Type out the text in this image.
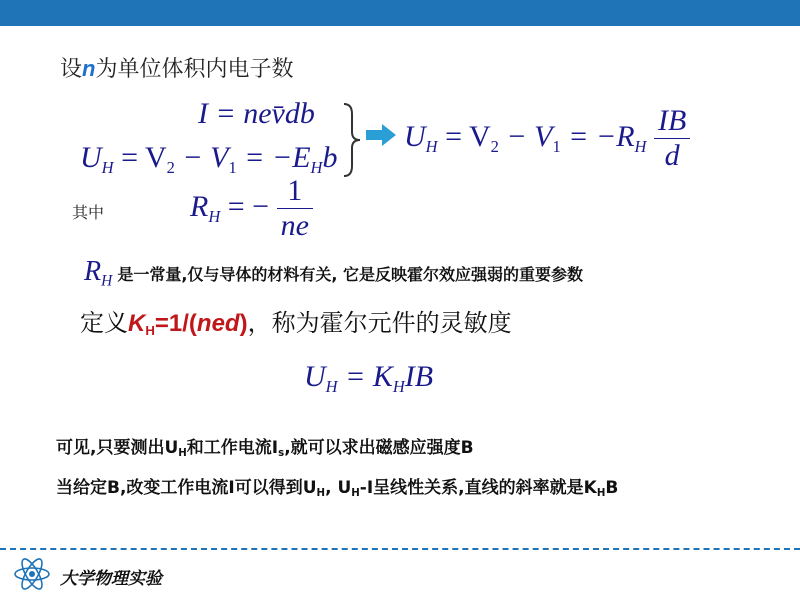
设n为单位体积内电子数
I = nev̄db
$U_H = V_2 - V_1 = -E_Hb$
$U_H = V_2 - V_1 = -R_H \frac{IB}{d}$
其中	$R_H$ = − $\frac{1}{ne}$
$R_H$ 是一常量,仅与导体的材料有关, 它是反映霍尔效应强弱的重要参数
定义$K_H=1/(ned)$，称为霍尔元件的灵敏度
$U_H = K_HIB$
可见,只要测出$U_H$和工作电流$I_s$,就可以求出磁感应强度B
当给定B,改变工作电流I可以得到$U_H$, $U_H-I$呈线性关系,直线的斜率就是$K_HB$
大学物理实验
